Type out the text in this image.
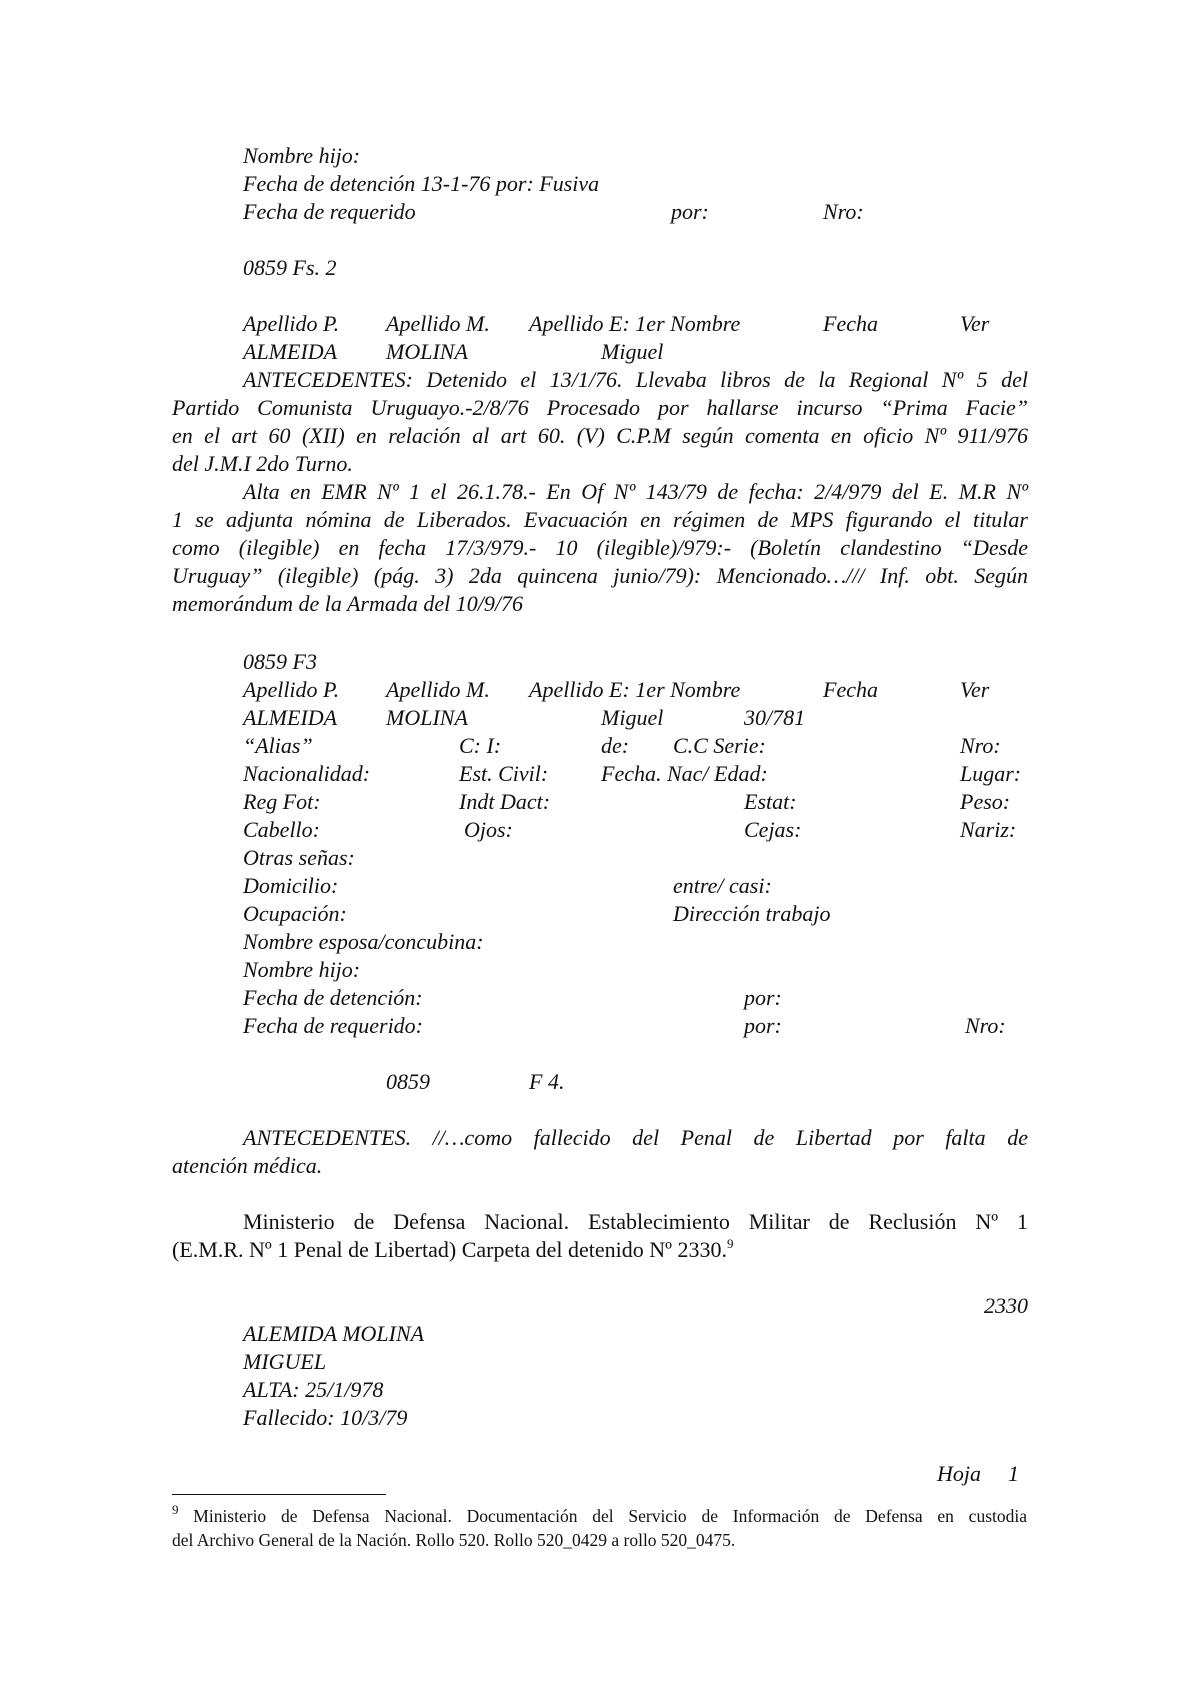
Nombre hijo:
Fecha de detención 13-1-76 por: Fusiva
Fecha de requerido	por:	Nro:
0859 Fs. 2
Apellido P. Apellido M. Apellido E: 1er Nombre	Fecha	Ver
ALMEIDA MOLINA	Miguel
ANTECEDENTES: Detenido el 13/1/76. Llevaba libros de la Regional Nº 5 del
Partido Comunista Uruguayo.-2/8/76 Procesado por hallarse incurso “Prima Facie”
en el art 60 (XII) en relación al art 60. (V) C.P.M según comenta en oficio Nº 911/976
del J.M.I 2do Turno.
Alta en EMR Nº 1 el 26.1.78.- En Of Nº 143/79 de fecha: 2/4/979 del E. M.R Nº
1 se adjunta nómina de Liberados. Evacuación en régimen de MPS figurando el titular
como (ilegible) en fecha 17/3/979.- 10 (ilegible)/979:- (Boletín clandestino “Desde
Uruguay” (ilegible) (pág. 3) 2da quincena junio/79): Mencionado…/// Inf. obt. Según
memorándum de la Armada del 10/9/76
0859 F3
Apellido P. Apellido M. Apellido E: 1er Nombre	Fecha	Ver
ALMEIDA MOLINA	Miguel	30/781
“Alias”	C: I:	de: C.C Serie:	Nro:
Nacionalidad:	Est. Civil: Fecha. Nac/ Edad:	Lugar:
Reg Fot:	Indt Dact:	Estat:	Peso:
Cabello:	Ojos:	Cejas:	Nariz:
Otras señas:
Domicilio:	entre/ casi:
Ocupación:	Dirección trabajo
Nombre esposa/concubina:
Nombre hijo:
Fecha de detención:	por:
Fecha de requerido:	por:	Nro:
0859	F 4.
ANTECEDENTES. //…como fallecido del Penal de Libertad por falta de
atención médica.
Ministerio de Defensa Nacional. Establecimiento Militar de Reclusión Nº 1
(E.M.R. Nº 1 Penal de Libertad) Carpeta del detenido Nº 2330.$^9$
2330
ALEMIDA MOLINA
MIGUEL
ALTA: 25/1/978
Fallecido: 10/3/79
Hoja 1
$^9$ Ministerio de Defensa Nacional. Documentación del Servicio de Información de Defensa en custodia
del Archivo General de la Nación. Rollo 520. Rollo 520_0429 a rollo 520_0475.
